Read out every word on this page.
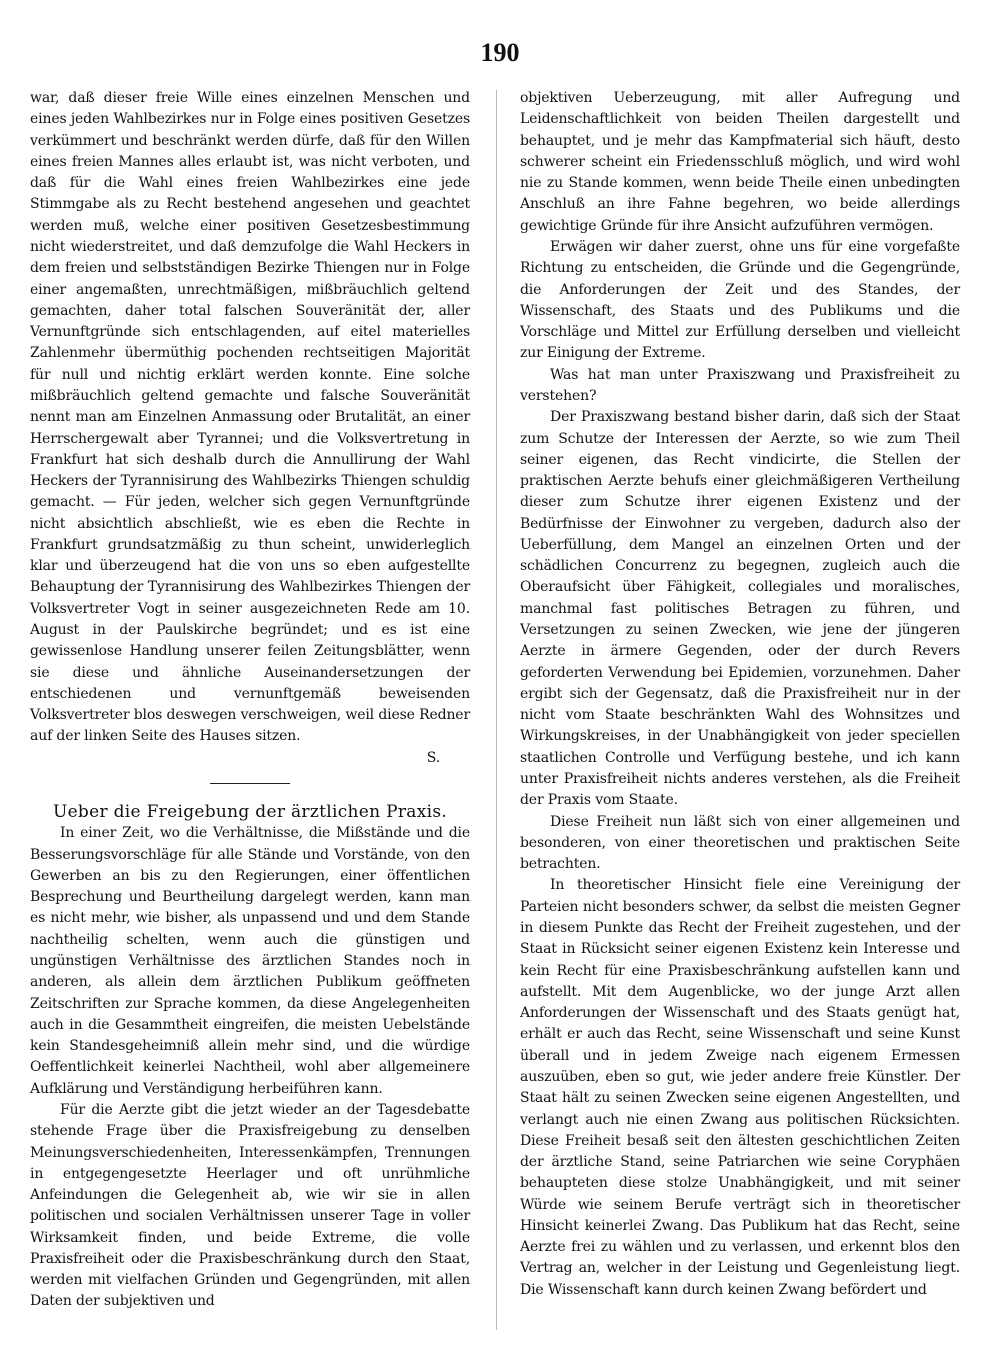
190

war, daß dieser freie Wille eines einzelnen Menschen und eines jeden Wahlbezirkes nur in Folge eines positiven Gesetzes verkümmert und beschränkt werden dürfe, daß für den Willen eines freien Mannes alles erlaubt ist, was nicht verboten, und daß für die Wahl eines freien Wahlbezirkes eine jede Stimmgabe als zu Recht bestehend angesehen und geachtet werden muß, welche einer positiven Gesetzesbestimmung nicht wiederstreitet, und daß demzufolge die Wahl Heckers in dem freien und selbstständigen Bezirke Thiengen nur in Folge einer angemaßten, unrechtmäßigen, mißbräuchlich geltend gemachten, daher total falschen Souveränität der, aller Vernunftgründe sich entschlagenden, auf eitel materielles Zahlenmehr übermüthig pochenden rechtseitigen Majorität für null und nichtig erklärt werden konnte. Eine solche mißbräuchlich geltend gemachte und falsche Souveränität nennt man am Einzelnen Anmassung oder Brutalität, an einer Herrschergewalt aber Tyrannei; und die Volksvertretung in Frankfurt hat sich deshalb durch die Annullirung der Wahl Heckers der Tyrannisirung des Wahlbezirks Thiengen schuldig gemacht. — Für jeden, welcher sich gegen Vernunftgründe nicht absichtlich abschließt, wie es eben die Rechte in Frankfurt grundsatzmäßig zu thun scheint, unwiderleglich klar und überzeugend hat die von uns so eben aufgestellte Behauptung der Tyrannisirung des Wahlbezirkes Thiengen der Volksvertreter Vogt in seiner ausgezeichneten Rede am 10. August in der Paulskirche begründet; und es ist eine gewissenlose Handlung unserer feilen Zeitungsblätter, wenn sie diese und ähnliche Auseinandersetzungen der entschiedenen und vernunftgemäß beweisenden Volksvertreter blos deswegen verschweigen, weil diese Redner auf der linken Seite des Hauses sitzen.

S.

Ueber die Freigebung der ärztlichen Praxis.

In einer Zeit, wo die Verhältnisse, die Mißstände und die Besserungsvorschläge für alle Stände und Vorstände, von den Gewerben an bis zu den Regierungen, einer öffentlichen Besprechung und Beurtheilung dargelegt werden, kann man es nicht mehr, wie bisher, als unpassend und und dem Stande nachtheilig schelten, wenn auch die günstigen und ungünstigen Verhältnisse des ärztlichen Standes noch in anderen, als allein dem ärztlichen Publikum geöffneten Zeitschriften zur Sprache kommen, da diese Angelegenheiten auch in die Gesammtheit eingreifen, die meisten Uebelstände kein Standesgeheimniß allein mehr sind, und die würdige Oeffentlichkeit keinerlei Nachtheil, wohl aber allgemeinere Aufklärung und Verständigung herbeiführen kann.

Für die Aerzte gibt die jetzt wieder an der Tagesdebatte stehende Frage über die Praxisfreigebung zu denselben Meinungsverschiedenheiten, Interessenkämpfen, Trennungen in entgegengesetzte Heerlager und oft unrühmliche Anfeindungen die Gelegenheit ab, wie wir sie in allen politischen und socialen Verhältnissen unserer Tage in voller Wirksamkeit finden, und beide Extreme, die volle Praxisfreiheit oder die Praxisbeschränkung durch den Staat, werden mit vielfachen Gründen und Gegengründen, mit allen Daten der subjektiven und

objektiven Ueberzeugung, mit aller Aufregung und Leidenschaftlichkeit von beiden Theilen dargestellt und behauptet, und je mehr das Kampfmaterial sich häuft, desto schwerer scheint ein Friedensschluß möglich, und wird wohl nie zu Stande kommen, wenn beide Theile einen unbedingten Anschluß an ihre Fahne begehren, wo beide allerdings gewichtige Gründe für ihre Ansicht aufzuführen vermögen.

Erwägen wir daher zuerst, ohne uns für eine vorgefaßte Richtung zu entscheiden, die Gründe und die Gegengründe, die Anforderungen der Zeit und des Standes, der Wissenschaft, des Staats und des Publikums und die Vorschläge und Mittel zur Erfüllung derselben und vielleicht zur Einigung der Extreme.

Was hat man unter Praxiszwang und Praxisfreiheit zu verstehen?

Der Praxiszwang bestand bisher darin, daß sich der Staat zum Schutze der Interessen der Aerzte, so wie zum Theil seiner eigenen, das Recht vindicirte, die Stellen der praktischen Aerzte behufs einer gleichmäßigeren Vertheilung dieser zum Schutze ihrer eigenen Existenz und der Bedürfnisse der Einwohner zu vergeben, dadurch also der Ueberfüllung, dem Mangel an einzelnen Orten und der schädlichen Concurrenz zu begegnen, zugleich auch die Oberaufsicht über Fähigkeit, collegiales und moralisches, manchmal fast politisches Betragen zu führen, und Versetzungen zu seinen Zwecken, wie jene der jüngeren Aerzte in ärmere Gegenden, oder der durch Revers geforderten Verwendung bei Epidemien, vorzunehmen. Daher ergibt sich der Gegensatz, daß die Praxisfreiheit nur in der nicht vom Staate beschränkten Wahl des Wohnsitzes und Wirkungskreises, in der Unabhängigkeit von jeder speciellen staatlichen Controlle und Verfügung bestehe, und ich kann unter Praxisfreiheit nichts anderes verstehen, als die Freiheit der Praxis vom Staate.

Diese Freiheit nun läßt sich von einer allgemeinen und besonderen, von einer theoretischen und praktischen Seite betrachten.

In theoretischer Hinsicht fiele eine Vereinigung der Parteien nicht besonders schwer, da selbst die meisten Gegner in diesem Punkte das Recht der Freiheit zugestehen, und der Staat in Rücksicht seiner eigenen Existenz kein Interesse und kein Recht für eine Praxisbeschränkung aufstellen kann und aufstellt. Mit dem Augenblicke, wo der junge Arzt allen Anforderungen der Wissenschaft und des Staats genügt hat, erhält er auch das Recht, seine Wissenschaft und seine Kunst überall und in jedem Zweige nach eigenem Ermessen auszuüben, eben so gut, wie jeder andere freie Künstler. Der Staat hält zu seinen Zwecken seine eigenen Angestellten, und verlangt auch nie einen Zwang aus politischen Rücksichten. Diese Freiheit besaß seit den ältesten geschichtlichen Zeiten der ärztliche Stand, seine Patriarchen wie seine Coryphäen behaupteten diese stolze Unabhängigkeit, und mit seiner Würde wie seinem Berufe verträgt sich in theoretischer Hinsicht keinerlei Zwang. Das Publikum hat das Recht, seine Aerzte frei zu wählen und zu verlassen, und erkennt blos den Vertrag an, welcher in der Leistung und Gegenleistung liegt. Die Wissenschaft kann durch keinen Zwang befördert und
